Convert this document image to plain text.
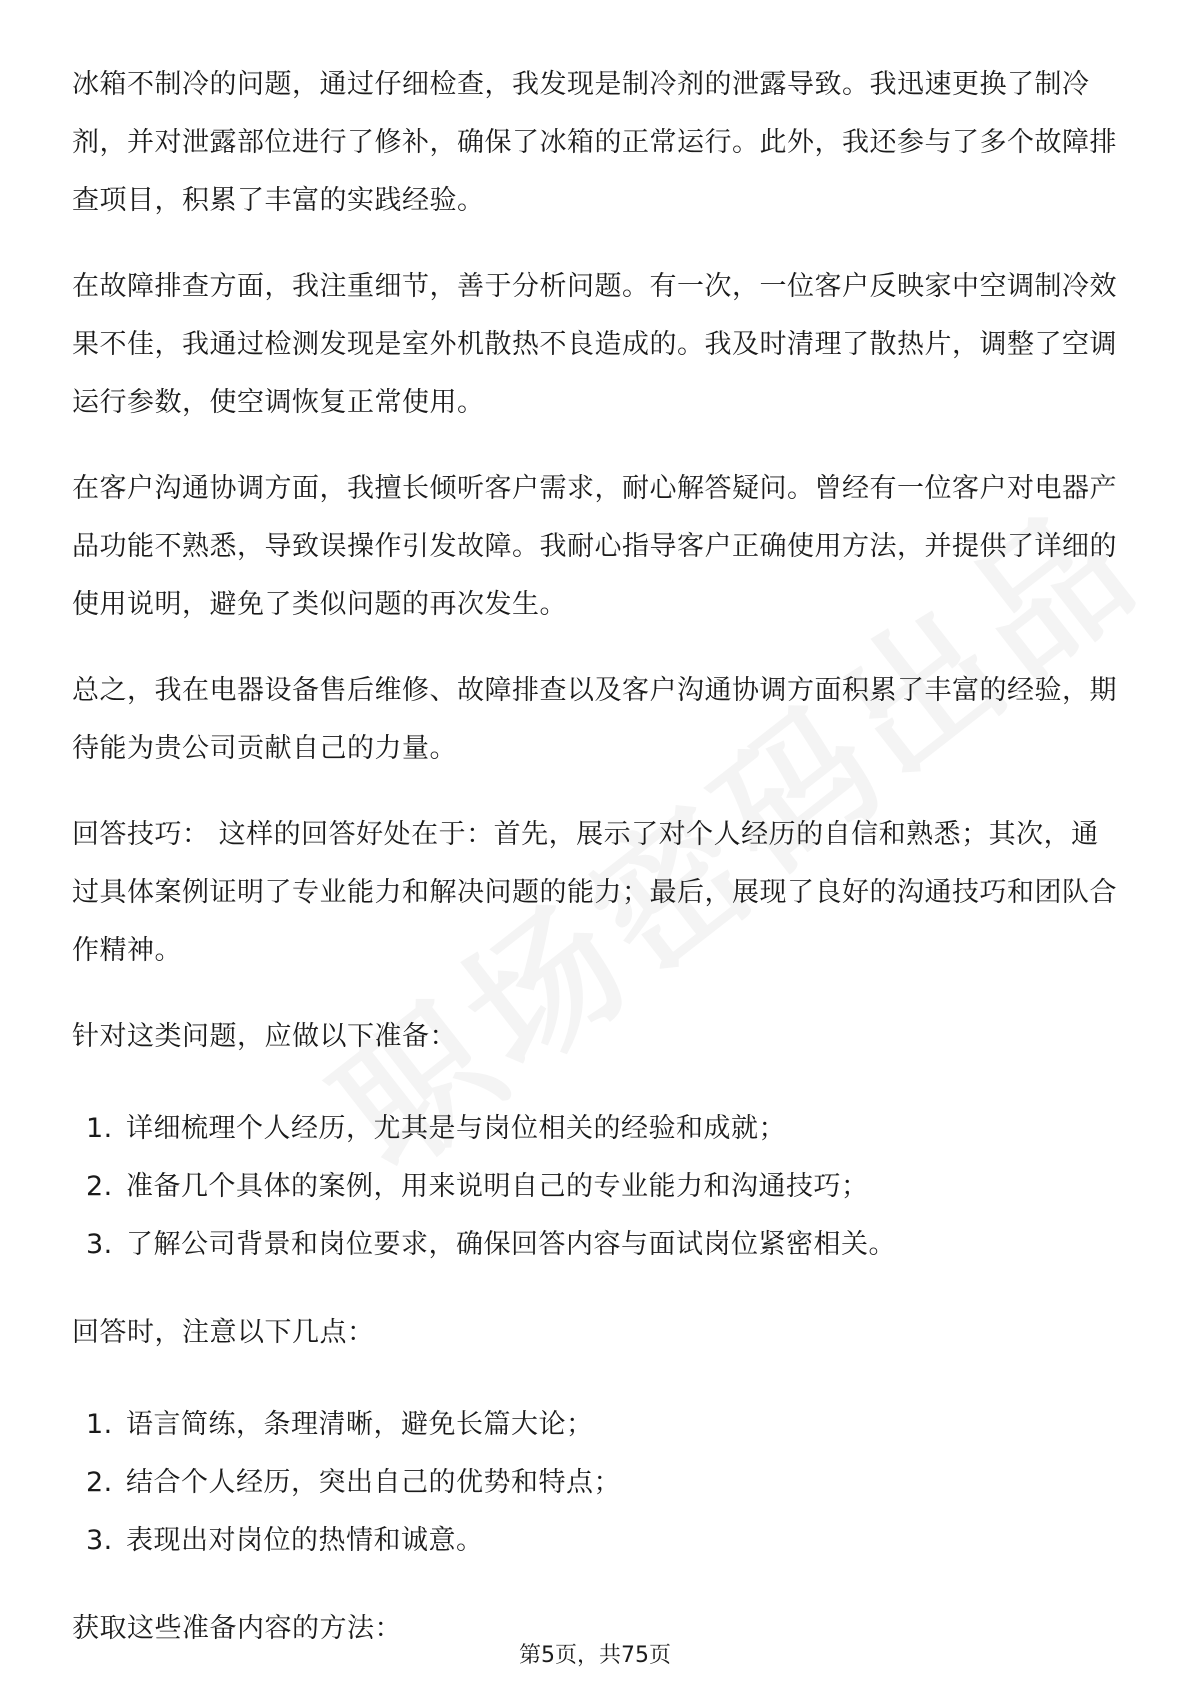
冰箱不制冷的问题，通过仔细检查，我发现是制冷剂的泄露导致。我迅速更换了制冷剂，并对泄露部位进行了修补，确保了冰箱的正常运行。此外，我还参与了多个故障排查项目，积累了丰富的实践经验。

在故障排查方面，我注重细节，善于分析问题。有一次，一位客户反映家中空调制冷效果不佳，我通过检测发现是室外机散热不良造成的。我及时清理了散热片，调整了空调运行参数，使空调恢复正常使用。

在客户沟通协调方面，我擅长倾听客户需求，耐心解答疑问。曾经有一位客户对电器产品功能不熟悉，导致误操作引发故障。我耐心指导客户正确使用方法，并提供了详细的使用说明，避免了类似问题的再次发生。

总之，我在电器设备售后维修、故障排查以及客户沟通协调方面积累了丰富的经验，期待能为贵公司贡献自己的力量。

回答技巧： 这样的回答好处在于：首先，展示了对个人经历的自信和熟悉；其次，通过具体案例证明了专业能力和解决问题的能力；最后，展现了良好的沟通技巧和团队合作精神。

针对这类问题，应做以下准备：

1. 详细梳理个人经历，尤其是与岗位相关的经验和成就；
2. 准备几个具体的案例，用来说明自己的专业能力和沟通技巧；
3. 了解公司背景和岗位要求，确保回答内容与面试岗位紧密相关。

回答时，注意以下几点：

1. 语言简练，条理清晰，避免长篇大论；
2. 结合个人经历，突出自己的优势和特点；
3. 表现出对岗位的热情和诚意。

获取这些准备内容的方法：

第5页，共75页
